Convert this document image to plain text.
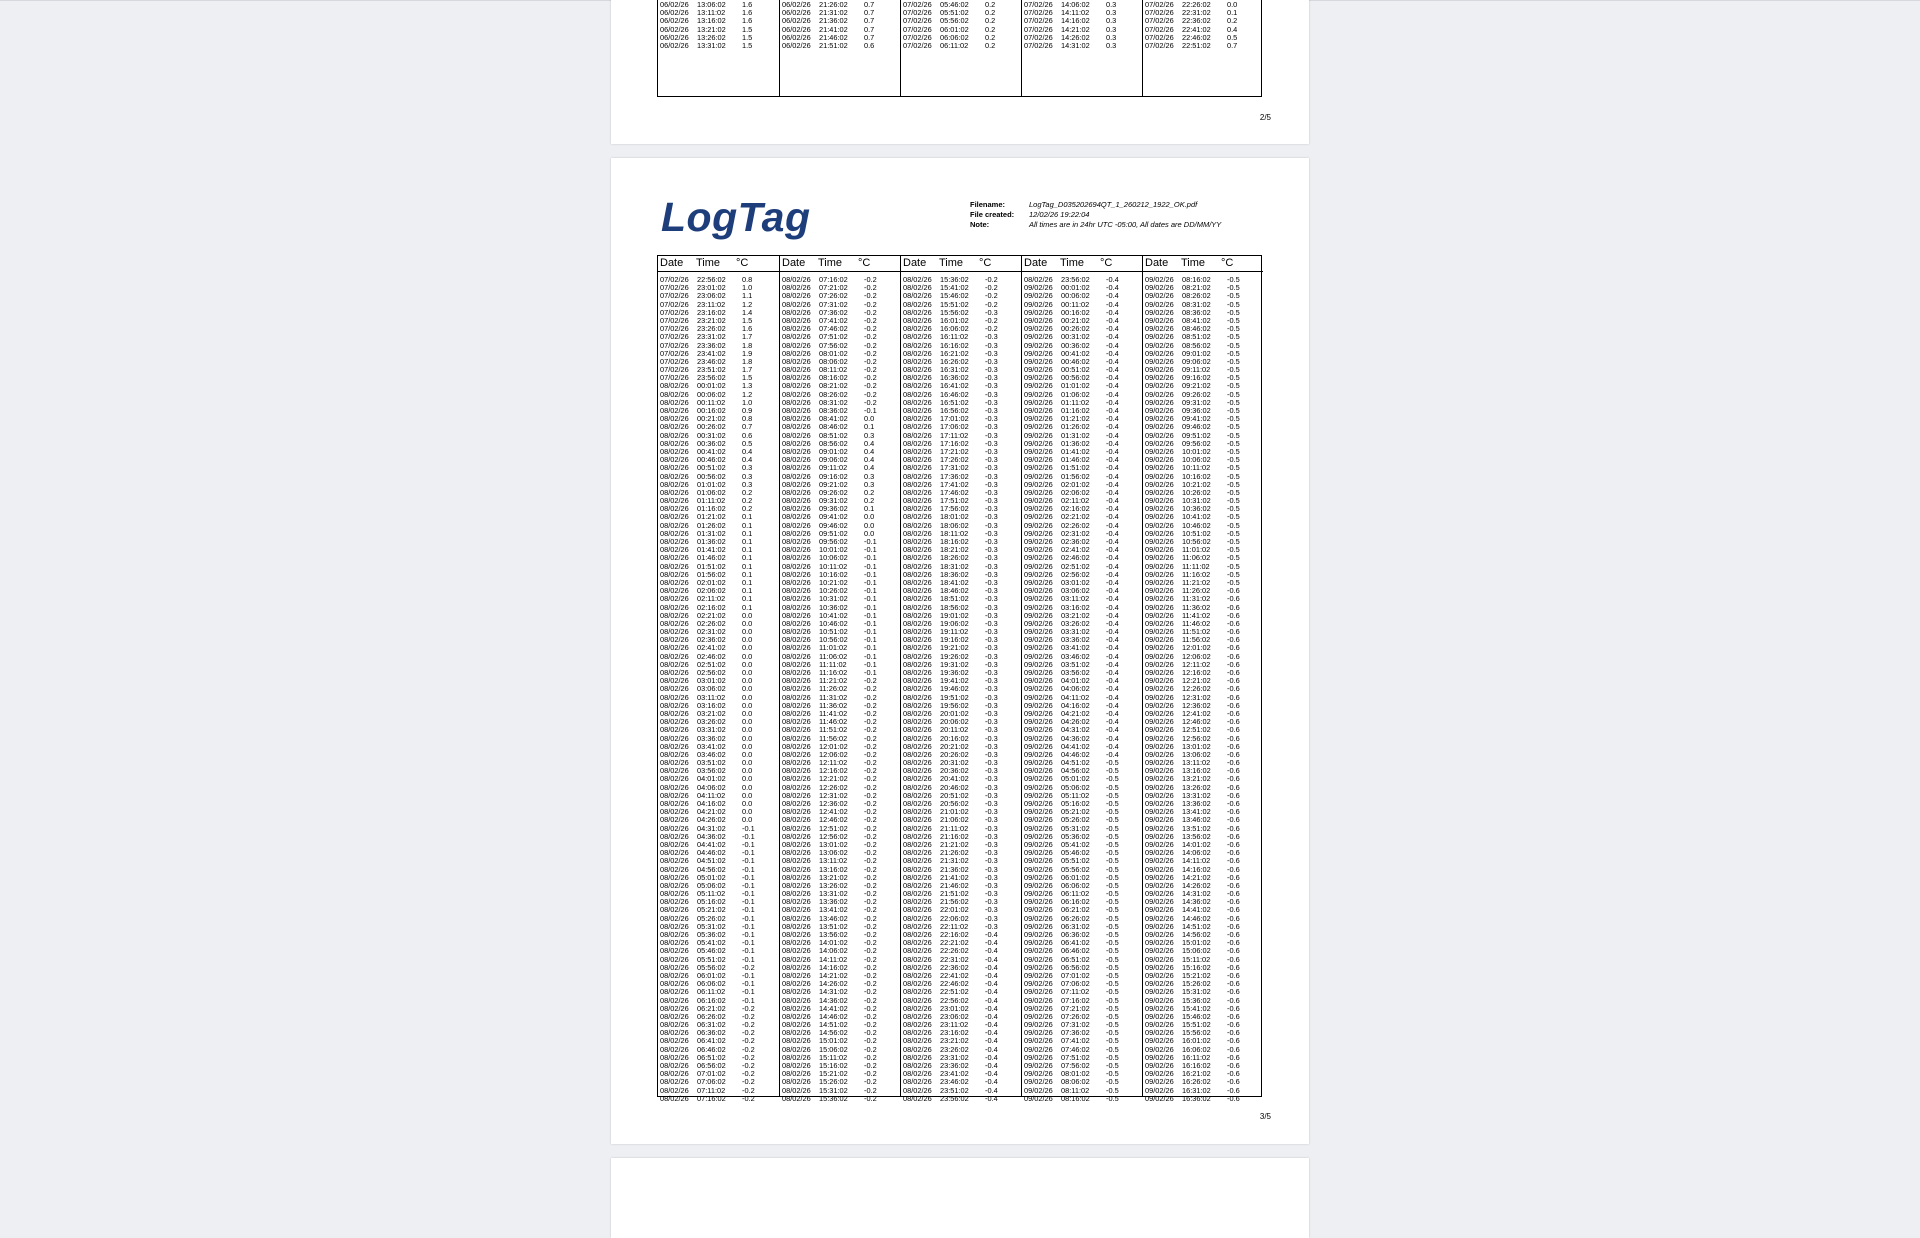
06/02/26	13:06:02	1.6
06/02/26	13:11:02	1.6
06/02/26	13:16:02	1.6
06/02/26	13:21:02	1.5
06/02/26	13:26:02	1.5
06/02/26	13:31:02	1.5
06/02/26	21:26:02	0.7
06/02/26	21:31:02	0.7
06/02/26	21:36:02	0.7
06/02/26	21:41:02	0.7
06/02/26	21:46:02	0.7
06/02/26	21:51:02	0.6
07/02/26	05:46:02	0.2
07/02/26	05:51:02	0.2
07/02/26	05:56:02	0.2
07/02/26	06:01:02	0.2
07/02/26	06:06:02	0.2
07/02/26	06:11:02	0.2
07/02/26	14:06:02	0.3
07/02/26	14:11:02	0.3
07/02/26	14:16:02	0.3
07/02/26	14:21:02	0.3
07/02/26	14:26:02	0.3
07/02/26	14:31:02	0.3
07/02/26	22:26:02	0.0
07/02/26	22:31:02	0.1
07/02/26	22:36:02	0.2
07/02/26	22:41:02	0.4
07/02/26	22:46:02	0.5
07/02/26	22:51:02	0.7
2/5
LogTag	Filename:	LogTag_D035202694QT_1_260212_1922_OK.pdf
File created:	12/02/26 19:22:04
Note:	All times are in 24hr UTC -05:00, All dates are DD/MM/YY
Date Time °C
07/02/26	22:56:02	0.8
07/02/26	23:01:02	1.0
07/02/26	23:06:02	1.1
07/02/26	23:11:02	1.2
07/02/26	23:16:02	1.4
07/02/26	23:21:02	1.5
07/02/26	23:26:02	1.6
07/02/26	23:31:02	1.7
07/02/26	23:36:02	1.8
07/02/26	23:41:02	1.9
07/02/26	23:46:02	1.8
07/02/26	23:51:02	1.7
07/02/26	23:56:02	1.5
08/02/26	00:01:02	1.3
08/02/26	00:06:02	1.2
08/02/26	00:11:02	1.0
08/02/26	00:16:02	0.9
08/02/26	00:21:02	0.8
08/02/26	00:26:02	0.7
08/02/26	00:31:02	0.6
08/02/26	00:36:02	0.5
08/02/26	00:41:02	0.4
08/02/26	00:46:02	0.4
08/02/26	00:51:02	0.3
08/02/26	00:56:02	0.3
08/02/26	01:01:02	0.3
08/02/26	01:06:02	0.2
08/02/26	01:11:02	0.2
08/02/26	01:16:02	0.2
08/02/26	01:21:02	0.1
08/02/26	01:26:02	0.1
08/02/26	01:31:02	0.1
08/02/26	01:36:02	0.1
08/02/26	01:41:02	0.1
08/02/26	01:46:02	0.1
08/02/26	01:51:02	0.1
08/02/26	01:56:02	0.1
08/02/26	02:01:02	0.1
08/02/26	02:06:02	0.1
08/02/26	02:11:02	0.1
08/02/26	02:16:02	0.1
08/02/26	02:21:02	0.0
08/02/26	02:26:02	0.0
08/02/26	02:31:02	0.0
08/02/26	02:36:02	0.0
08/02/26	02:41:02	0.0
08/02/26	02:46:02	0.0
08/02/26	02:51:02	0.0
08/02/26	02:56:02	0.0
08/02/26	03:01:02	0.0
08/02/26	03:06:02	0.0
08/02/26	03:11:02	0.0
08/02/26	03:16:02	0.0
08/02/26	03:21:02	0.0
08/02/26	03:26:02	0.0
08/02/26	03:31:02	0.0
08/02/26	03:36:02	0.0
08/02/26	03:41:02	0.0
08/02/26	03:46:02	0.0
08/02/26	03:51:02	0.0
08/02/26	03:56:02	0.0
08/02/26	04:01:02	0.0
08/02/26	04:06:02	0.0
08/02/26	04:11:02	0.0
08/02/26	04:16:02	0.0
08/02/26	04:21:02	0.0
08/02/26	04:26:02	0.0
08/02/26	04:31:02	-0.1
08/02/26	04:36:02	-0.1
08/02/26	04:41:02	-0.1
08/02/26	04:46:02	-0.1
08/02/26	04:51:02	-0.1
08/02/26	04:56:02	-0.1
08/02/26	05:01:02	-0.1
08/02/26	05:06:02	-0.1
08/02/26	05:11:02	-0.1
08/02/26	05:16:02	-0.1
08/02/26	05:21:02	-0.1
08/02/26	05:26:02	-0.1
08/02/26	05:31:02	-0.1
08/02/26	05:36:02	-0.1
08/02/26	05:41:02	-0.1
08/02/26	05:46:02	-0.1
08/02/26	05:51:02	-0.1
08/02/26	05:56:02	-0.2
08/02/26	06:01:02	-0.1
08/02/26	06:06:02	-0.1
08/02/26	06:11:02	-0.1
08/02/26	06:16:02	-0.1
08/02/26	06:21:02	-0.2
08/02/26	06:26:02	-0.2
08/02/26	06:31:02	-0.2
08/02/26	06:36:02	-0.2
08/02/26	06:41:02	-0.2
08/02/26	06:46:02	-0.2
08/02/26	06:51:02	-0.2
08/02/26	06:56:02	-0.2
08/02/26	07:01:02	-0.2
08/02/26	07:06:02	-0.2
08/02/26	07:11:02	-0.2
08/02/26	07:16:02	-0.2
Date Time °C
08/02/26	07:16:02	-0.2
08/02/26	07:21:02	-0.2
08/02/26	07:26:02	-0.2
08/02/26	07:31:02	-0.2
08/02/26	07:36:02	-0.2
08/02/26	07:41:02	-0.2
08/02/26	07:46:02	-0.2
08/02/26	07:51:02	-0.2
08/02/26	07:56:02	-0.2
08/02/26	08:01:02	-0.2
08/02/26	08:06:02	-0.2
08/02/26	08:11:02	-0.2
08/02/26	08:16:02	-0.2
08/02/26	08:21:02	-0.2
08/02/26	08:26:02	-0.2
08/02/26	08:31:02	-0.2
08/02/26	08:36:02	-0.1
08/02/26	08:41:02	0.0
08/02/26	08:46:02	0.1
08/02/26	08:51:02	0.3
08/02/26	08:56:02	0.4
08/02/26	09:01:02	0.4
08/02/26	09:06:02	0.4
08/02/26	09:11:02	0.4
08/02/26	09:16:02	0.3
08/02/26	09:21:02	0.3
08/02/26	09:26:02	0.2
08/02/26	09:31:02	0.2
08/02/26	09:36:02	0.1
08/02/26	09:41:02	0.0
08/02/26	09:46:02	0.0
08/02/26	09:51:02	0.0
08/02/26	09:56:02	-0.1
08/02/26	10:01:02	-0.1
08/02/26	10:06:02	-0.1
08/02/26	10:11:02	-0.1
08/02/26	10:16:02	-0.1
08/02/26	10:21:02	-0.1
08/02/26	10:26:02	-0.1
08/02/26	10:31:02	-0.1
08/02/26	10:36:02	-0.1
08/02/26	10:41:02	-0.1
08/02/26	10:46:02	-0.1
08/02/26	10:51:02	-0.1
08/02/26	10:56:02	-0.1
08/02/26	11:01:02	-0.1
08/02/26	11:06:02	-0.1
08/02/26	11:11:02	-0.1
08/02/26	11:16:02	-0.1
08/02/26	11:21:02	-0.2
08/02/26	11:26:02	-0.2
08/02/26	11:31:02	-0.2
08/02/26	11:36:02	-0.2
08/02/26	11:41:02	-0.2
08/02/26	11:46:02	-0.2
08/02/26	11:51:02	-0.2
08/02/26	11:56:02	-0.2
08/02/26	12:01:02	-0.2
08/02/26	12:06:02	-0.2
08/02/26	12:11:02	-0.2
08/02/26	12:16:02	-0.2
08/02/26	12:21:02	-0.2
08/02/26	12:26:02	-0.2
08/02/26	12:31:02	-0.2
08/02/26	12:36:02	-0.2
08/02/26	12:41:02	-0.2
08/02/26	12:46:02	-0.2
08/02/26	12:51:02	-0.2
08/02/26	12:56:02	-0.2
08/02/26	13:01:02	-0.2
08/02/26	13:06:02	-0.2
08/02/26	13:11:02	-0.2
08/02/26	13:16:02	-0.2
08/02/26	13:21:02	-0.2
08/02/26	13:26:02	-0.2
08/02/26	13:31:02	-0.2
08/02/26	13:36:02	-0.2
08/02/26	13:41:02	-0.2
08/02/26	13:46:02	-0.2
08/02/26	13:51:02	-0.2
08/02/26	13:56:02	-0.2
08/02/26	14:01:02	-0.2
08/02/26	14:06:02	-0.2
08/02/26	14:11:02	-0.2
08/02/26	14:16:02	-0.2
08/02/26	14:21:02	-0.2
08/02/26	14:26:02	-0.2
08/02/26	14:31:02	-0.2
08/02/26	14:36:02	-0.2
08/02/26	14:41:02	-0.2
08/02/26	14:46:02	-0.2
08/02/26	14:51:02	-0.2
08/02/26	14:56:02	-0.2
08/02/26	15:01:02	-0.2
08/02/26	15:06:02	-0.2
08/02/26	15:11:02	-0.2
08/02/26	15:16:02	-0.2
08/02/26	15:21:02	-0.2
08/02/26	15:26:02	-0.2
08/02/26	15:31:02	-0.2
08/02/26	15:36:02	-0.2
Date Time °C
08/02/26	15:36:02	-0.2
08/02/26	15:41:02	-0.2
08/02/26	15:46:02	-0.2
08/02/26	15:51:02	-0.2
08/02/26	15:56:02	-0.3
08/02/26	16:01:02	-0.2
08/02/26	16:06:02	-0.2
08/02/26	16:11:02	-0.3
08/02/26	16:16:02	-0.3
08/02/26	16:21:02	-0.3
08/02/26	16:26:02	-0.3
08/02/26	16:31:02	-0.3
08/02/26	16:36:02	-0.3
08/02/26	16:41:02	-0.3
08/02/26	16:46:02	-0.3
08/02/26	16:51:02	-0.3
08/02/26	16:56:02	-0.3
08/02/26	17:01:02	-0.3
08/02/26	17:06:02	-0.3
08/02/26	17:11:02	-0.3
08/02/26	17:16:02	-0.3
08/02/26	17:21:02	-0.3
08/02/26	17:26:02	-0.3
08/02/26	17:31:02	-0.3
08/02/26	17:36:02	-0.3
08/02/26	17:41:02	-0.3
08/02/26	17:46:02	-0.3
08/02/26	17:51:02	-0.3
08/02/26	17:56:02	-0.3
08/02/26	18:01:02	-0.3
08/02/26	18:06:02	-0.3
08/02/26	18:11:02	-0.3
08/02/26	18:16:02	-0.3
08/02/26	18:21:02	-0.3
08/02/26	18:26:02	-0.3
08/02/26	18:31:02	-0.3
08/02/26	18:36:02	-0.3
08/02/26	18:41:02	-0.3
08/02/26	18:46:02	-0.3
08/02/26	18:51:02	-0.3
08/02/26	18:56:02	-0.3
08/02/26	19:01:02	-0.3
08/02/26	19:06:02	-0.3
08/02/26	19:11:02	-0.3
08/02/26	19:16:02	-0.3
08/02/26	19:21:02	-0.3
08/02/26	19:26:02	-0.3
08/02/26	19:31:02	-0.3
08/02/26	19:36:02	-0.3
08/02/26	19:41:02	-0.3
08/02/26	19:46:02	-0.3
08/02/26	19:51:02	-0.3
08/02/26	19:56:02	-0.3
08/02/26	20:01:02	-0.3
08/02/26	20:06:02	-0.3
08/02/26	20:11:02	-0.3
08/02/26	20:16:02	-0.3
08/02/26	20:21:02	-0.3
08/02/26	20:26:02	-0.3
08/02/26	20:31:02	-0.3
08/02/26	20:36:02	-0.3
08/02/26	20:41:02	-0.3
08/02/26	20:46:02	-0.3
08/02/26	20:51:02	-0.3
08/02/26	20:56:02	-0.3
08/02/26	21:01:02	-0.3
08/02/26	21:06:02	-0.3
08/02/26	21:11:02	-0.3
08/02/26	21:16:02	-0.3
08/02/26	21:21:02	-0.3
08/02/26	21:26:02	-0.3
08/02/26	21:31:02	-0.3
08/02/26	21:36:02	-0.3
08/02/26	21:41:02	-0.3
08/02/26	21:46:02	-0.3
08/02/26	21:51:02	-0.3
08/02/26	21:56:02	-0.3
08/02/26	22:01:02	-0.3
08/02/26	22:06:02	-0.3
08/02/26	22:11:02	-0.3
08/02/26	22:16:02	-0.4
08/02/26	22:21:02	-0.4
08/02/26	22:26:02	-0.4
08/02/26	22:31:02	-0.4
08/02/26	22:36:02	-0.4
08/02/26	22:41:02	-0.4
08/02/26	22:46:02	-0.4
08/02/26	22:51:02	-0.4
08/02/26	22:56:02	-0.4
08/02/26	23:01:02	-0.4
08/02/26	23:06:02	-0.4
08/02/26	23:11:02	-0.4
08/02/26	23:16:02	-0.4
08/02/26	23:21:02	-0.4
08/02/26	23:26:02	-0.4
08/02/26	23:31:02	-0.4
08/02/26	23:36:02	-0.4
08/02/26	23:41:02	-0.4
08/02/26	23:46:02	-0.4
08/02/26	23:51:02	-0.4
08/02/26	23:56:02	-0.4
Date Time °C
08/02/26	23:56:02	-0.4
09/02/26	00:01:02	-0.4
09/02/26	00:06:02	-0.4
09/02/26	00:11:02	-0.4
09/02/26	00:16:02	-0.4
09/02/26	00:21:02	-0.4
09/02/26	00:26:02	-0.4
09/02/26	00:31:02	-0.4
09/02/26	00:36:02	-0.4
09/02/26	00:41:02	-0.4
09/02/26	00:46:02	-0.4
09/02/26	00:51:02	-0.4
09/02/26	00:56:02	-0.4
09/02/26	01:01:02	-0.4
09/02/26	01:06:02	-0.4
09/02/26	01:11:02	-0.4
09/02/26	01:16:02	-0.4
09/02/26	01:21:02	-0.4
09/02/26	01:26:02	-0.4
09/02/26	01:31:02	-0.4
09/02/26	01:36:02	-0.4
09/02/26	01:41:02	-0.4
09/02/26	01:46:02	-0.4
09/02/26	01:51:02	-0.4
09/02/26	01:56:02	-0.4
09/02/26	02:01:02	-0.4
09/02/26	02:06:02	-0.4
09/02/26	02:11:02	-0.4
09/02/26	02:16:02	-0.4
09/02/26	02:21:02	-0.4
09/02/26	02:26:02	-0.4
09/02/26	02:31:02	-0.4
09/02/26	02:36:02	-0.4
09/02/26	02:41:02	-0.4
09/02/26	02:46:02	-0.4
09/02/26	02:51:02	-0.4
09/02/26	02:56:02	-0.4
09/02/26	03:01:02	-0.4
09/02/26	03:06:02	-0.4
09/02/26	03:11:02	-0.4
09/02/26	03:16:02	-0.4
09/02/26	03:21:02	-0.4
09/02/26	03:26:02	-0.4
09/02/26	03:31:02	-0.4
09/02/26	03:36:02	-0.4
09/02/26	03:41:02	-0.4
09/02/26	03:46:02	-0.4
09/02/26	03:51:02	-0.4
09/02/26	03:56:02	-0.4
09/02/26	04:01:02	-0.4
09/02/26	04:06:02	-0.4
09/02/26	04:11:02	-0.4
09/02/26	04:16:02	-0.4
09/02/26	04:21:02	-0.4
09/02/26	04:26:02	-0.4
09/02/26	04:31:02	-0.4
09/02/26	04:36:02	-0.4
09/02/26	04:41:02	-0.4
09/02/26	04:46:02	-0.4
09/02/26	04:51:02	-0.5
09/02/26	04:56:02	-0.5
09/02/26	05:01:02	-0.5
09/02/26	05:06:02	-0.5
09/02/26	05:11:02	-0.5
09/02/26	05:16:02	-0.5
09/02/26	05:21:02	-0.5
09/02/26	05:26:02	-0.5
09/02/26	05:31:02	-0.5
09/02/26	05:36:02	-0.5
09/02/26	05:41:02	-0.5
09/02/26	05:46:02	-0.5
09/02/26	05:51:02	-0.5
09/02/26	05:56:02	-0.5
09/02/26	06:01:02	-0.5
09/02/26	06:06:02	-0.5
09/02/26	06:11:02	-0.5
09/02/26	06:16:02	-0.5
09/02/26	06:21:02	-0.5
09/02/26	06:26:02	-0.5
09/02/26	06:31:02	-0.5
09/02/26	06:36:02	-0.5
09/02/26	06:41:02	-0.5
09/02/26	06:46:02	-0.5
09/02/26	06:51:02	-0.5
09/02/26	06:56:02	-0.5
09/02/26	07:01:02	-0.5
09/02/26	07:06:02	-0.5
09/02/26	07:11:02	-0.5
09/02/26	07:16:02	-0.5
09/02/26	07:21:02	-0.5
09/02/26	07:26:02	-0.5
09/02/26	07:31:02	-0.5
09/02/26	07:36:02	-0.5
09/02/26	07:41:02	-0.5
09/02/26	07:46:02	-0.5
09/02/26	07:51:02	-0.5
09/02/26	07:56:02	-0.5
09/02/26	08:01:02	-0.5
09/02/26	08:06:02	-0.5
09/02/26	08:11:02	-0.5
09/02/26	08:16:02	-0.5
Date Time °C
09/02/26	08:16:02	-0.5
09/02/26	08:21:02	-0.5
09/02/26	08:26:02	-0.5
09/02/26	08:31:02	-0.5
09/02/26	08:36:02	-0.5
09/02/26	08:41:02	-0.5
09/02/26	08:46:02	-0.5
09/02/26	08:51:02	-0.5
09/02/26	08:56:02	-0.5
09/02/26	09:01:02	-0.5
09/02/26	09:06:02	-0.5
09/02/26	09:11:02	-0.5
09/02/26	09:16:02	-0.5
09/02/26	09:21:02	-0.5
09/02/26	09:26:02	-0.5
09/02/26	09:31:02	-0.5
09/02/26	09:36:02	-0.5
09/02/26	09:41:02	-0.5
09/02/26	09:46:02	-0.5
09/02/26	09:51:02	-0.5
09/02/26	09:56:02	-0.5
09/02/26	10:01:02	-0.5
09/02/26	10:06:02	-0.5
09/02/26	10:11:02	-0.5
09/02/26	10:16:02	-0.5
09/02/26	10:21:02	-0.5
09/02/26	10:26:02	-0.5
09/02/26	10:31:02	-0.5
09/02/26	10:36:02	-0.5
09/02/26	10:41:02	-0.5
09/02/26	10:46:02	-0.5
09/02/26	10:51:02	-0.5
09/02/26	10:56:02	-0.5
09/02/26	11:01:02	-0.5
09/02/26	11:06:02	-0.5
09/02/26	11:11:02	-0.5
09/02/26	11:16:02	-0.5
09/02/26	11:21:02	-0.5
09/02/26	11:26:02	-0.6
09/02/26	11:31:02	-0.6
09/02/26	11:36:02	-0.6
09/02/26	11:41:02	-0.6
09/02/26	11:46:02	-0.6
09/02/26	11:51:02	-0.6
09/02/26	11:56:02	-0.6
09/02/26	12:01:02	-0.6
09/02/26	12:06:02	-0.6
09/02/26	12:11:02	-0.6
09/02/26	12:16:02	-0.6
09/02/26	12:21:02	-0.6
09/02/26	12:26:02	-0.6
09/02/26	12:31:02	-0.6
09/02/26	12:36:02	-0.6
09/02/26	12:41:02	-0.6
09/02/26	12:46:02	-0.6
09/02/26	12:51:02	-0.6
09/02/26	12:56:02	-0.6
09/02/26	13:01:02	-0.6
09/02/26	13:06:02	-0.6
09/02/26	13:11:02	-0.6
09/02/26	13:16:02	-0.6
09/02/26	13:21:02	-0.6
09/02/26	13:26:02	-0.6
09/02/26	13:31:02	-0.6
09/02/26	13:36:02	-0.6
09/02/26	13:41:02	-0.6
09/02/26	13:46:02	-0.6
09/02/26	13:51:02	-0.6
09/02/26	13:56:02	-0.6
09/02/26	14:01:02	-0.6
09/02/26	14:06:02	-0.6
09/02/26	14:11:02	-0.6
09/02/26	14:16:02	-0.6
09/02/26	14:21:02	-0.6
09/02/26	14:26:02	-0.6
09/02/26	14:31:02	-0.6
09/02/26	14:36:02	-0.6
09/02/26	14:41:02	-0.6
09/02/26	14:46:02	-0.6
09/02/26	14:51:02	-0.6
09/02/26	14:56:02	-0.6
09/02/26	15:01:02	-0.6
09/02/26	15:06:02	-0.6
09/02/26	15:11:02	-0.6
09/02/26	15:16:02	-0.6
09/02/26	15:21:02	-0.6
09/02/26	15:26:02	-0.6
09/02/26	15:31:02	-0.6
09/02/26	15:36:02	-0.6
09/02/26	15:41:02	-0.6
09/02/26	15:46:02	-0.6
09/02/26	15:51:02	-0.6
09/02/26	15:56:02	-0.6
09/02/26	16:01:02	-0.6
09/02/26	16:06:02	-0.6
09/02/26	16:11:02	-0.6
09/02/26	16:16:02	-0.6
09/02/26	16:21:02	-0.6
09/02/26	16:26:02	-0.6
09/02/26	16:31:02	-0.6
09/02/26	16:36:02	-0.6
3/5
